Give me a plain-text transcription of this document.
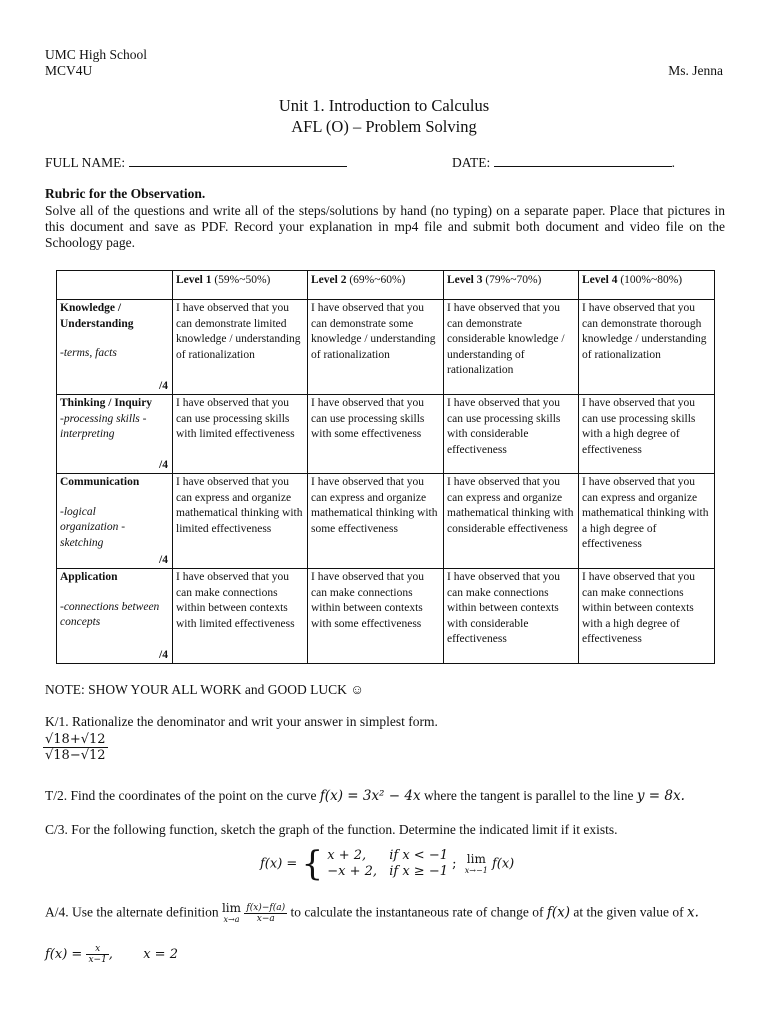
UMC High School
MCV4U	Ms. Jenna
Unit 1. Introduction to Calculus
AFL (O) – Problem Solving
FULL NAME:	DATE:	.
Rubric for the Observation.
Solve all of the questions and write all of the steps/solutions by hand (no typing) on a separate paper. Place that pictures in this document and save as PDF. Record your explanation in mp4 file and submit both document and video file on the Schoology page.
	Level 1 (59%~50%)	Level 2 (69%~60%)	Level 3 (79%~70%)	Level 4 (100%~80%)

Knowledge / Understanding
-terms, facts
/4	I have observed that you can demonstrate limited knowledge / understanding of rationalization	I have observed that you can demonstrate some knowledge / understanding of rationalization	I have observed that you can demonstrate considerable knowledge / understanding of rationalization	I have observed that you can demonstrate thorough knowledge / understanding of rationalization

Thinking / Inquiry
-processing skills -interpreting
/4	I have observed that you can use processing skills with limited effectiveness	I have observed that you can use processing skills with some effectiveness	I have observed that you can use processing skills with considerable effectiveness	I have observed that you can use processing skills with a high degree of effectiveness

Communication
-logical organization -sketching
/4	I have observed that you can express and organize mathematical thinking with limited effectiveness	I have observed that you can express and organize mathematical thinking with some effectiveness	I have observed that you can express and organize mathematical thinking with considerable effectiveness	I have observed that you can express and organize mathematical thinking with a high degree of effectiveness

Application
-connections between concepts
/4	I have observed that you can make connections within between contexts with limited effectiveness	I have observed that you can make connections within between contexts with some effectiveness	I have observed that you can make connections within between contexts with considerable effectiveness	I have observed that you can make connections within between contexts with a high degree of effectiveness
NOTE: SHOW YOUR ALL WORK and GOOD LUCK ☺
K/1. Rationalize the denominator and writ your answer in simplest form.
$\frac{√18+√12}{√18-√12}$
T/2. Find the coordinates of the point on the curve f(x) = 3x² − 4x where the tangent is parallel to the line y = 8x.
C/3. For the following function, sketch the graph of the function. Determine the indicated limit if it exists.
f(x) = { x + 2, if x < −1
−x + 2, if x ≥ −1 ; lim
x→−1 f(x)
A/4. Use the alternate definition lim
x→a
$\frac{f(x)-f(a)}{x-a}$ to calculate the instantaneous rate of change of f(x) at the given value of x.
$f(x) = \frac{x}{x-1}$ , x = 2
